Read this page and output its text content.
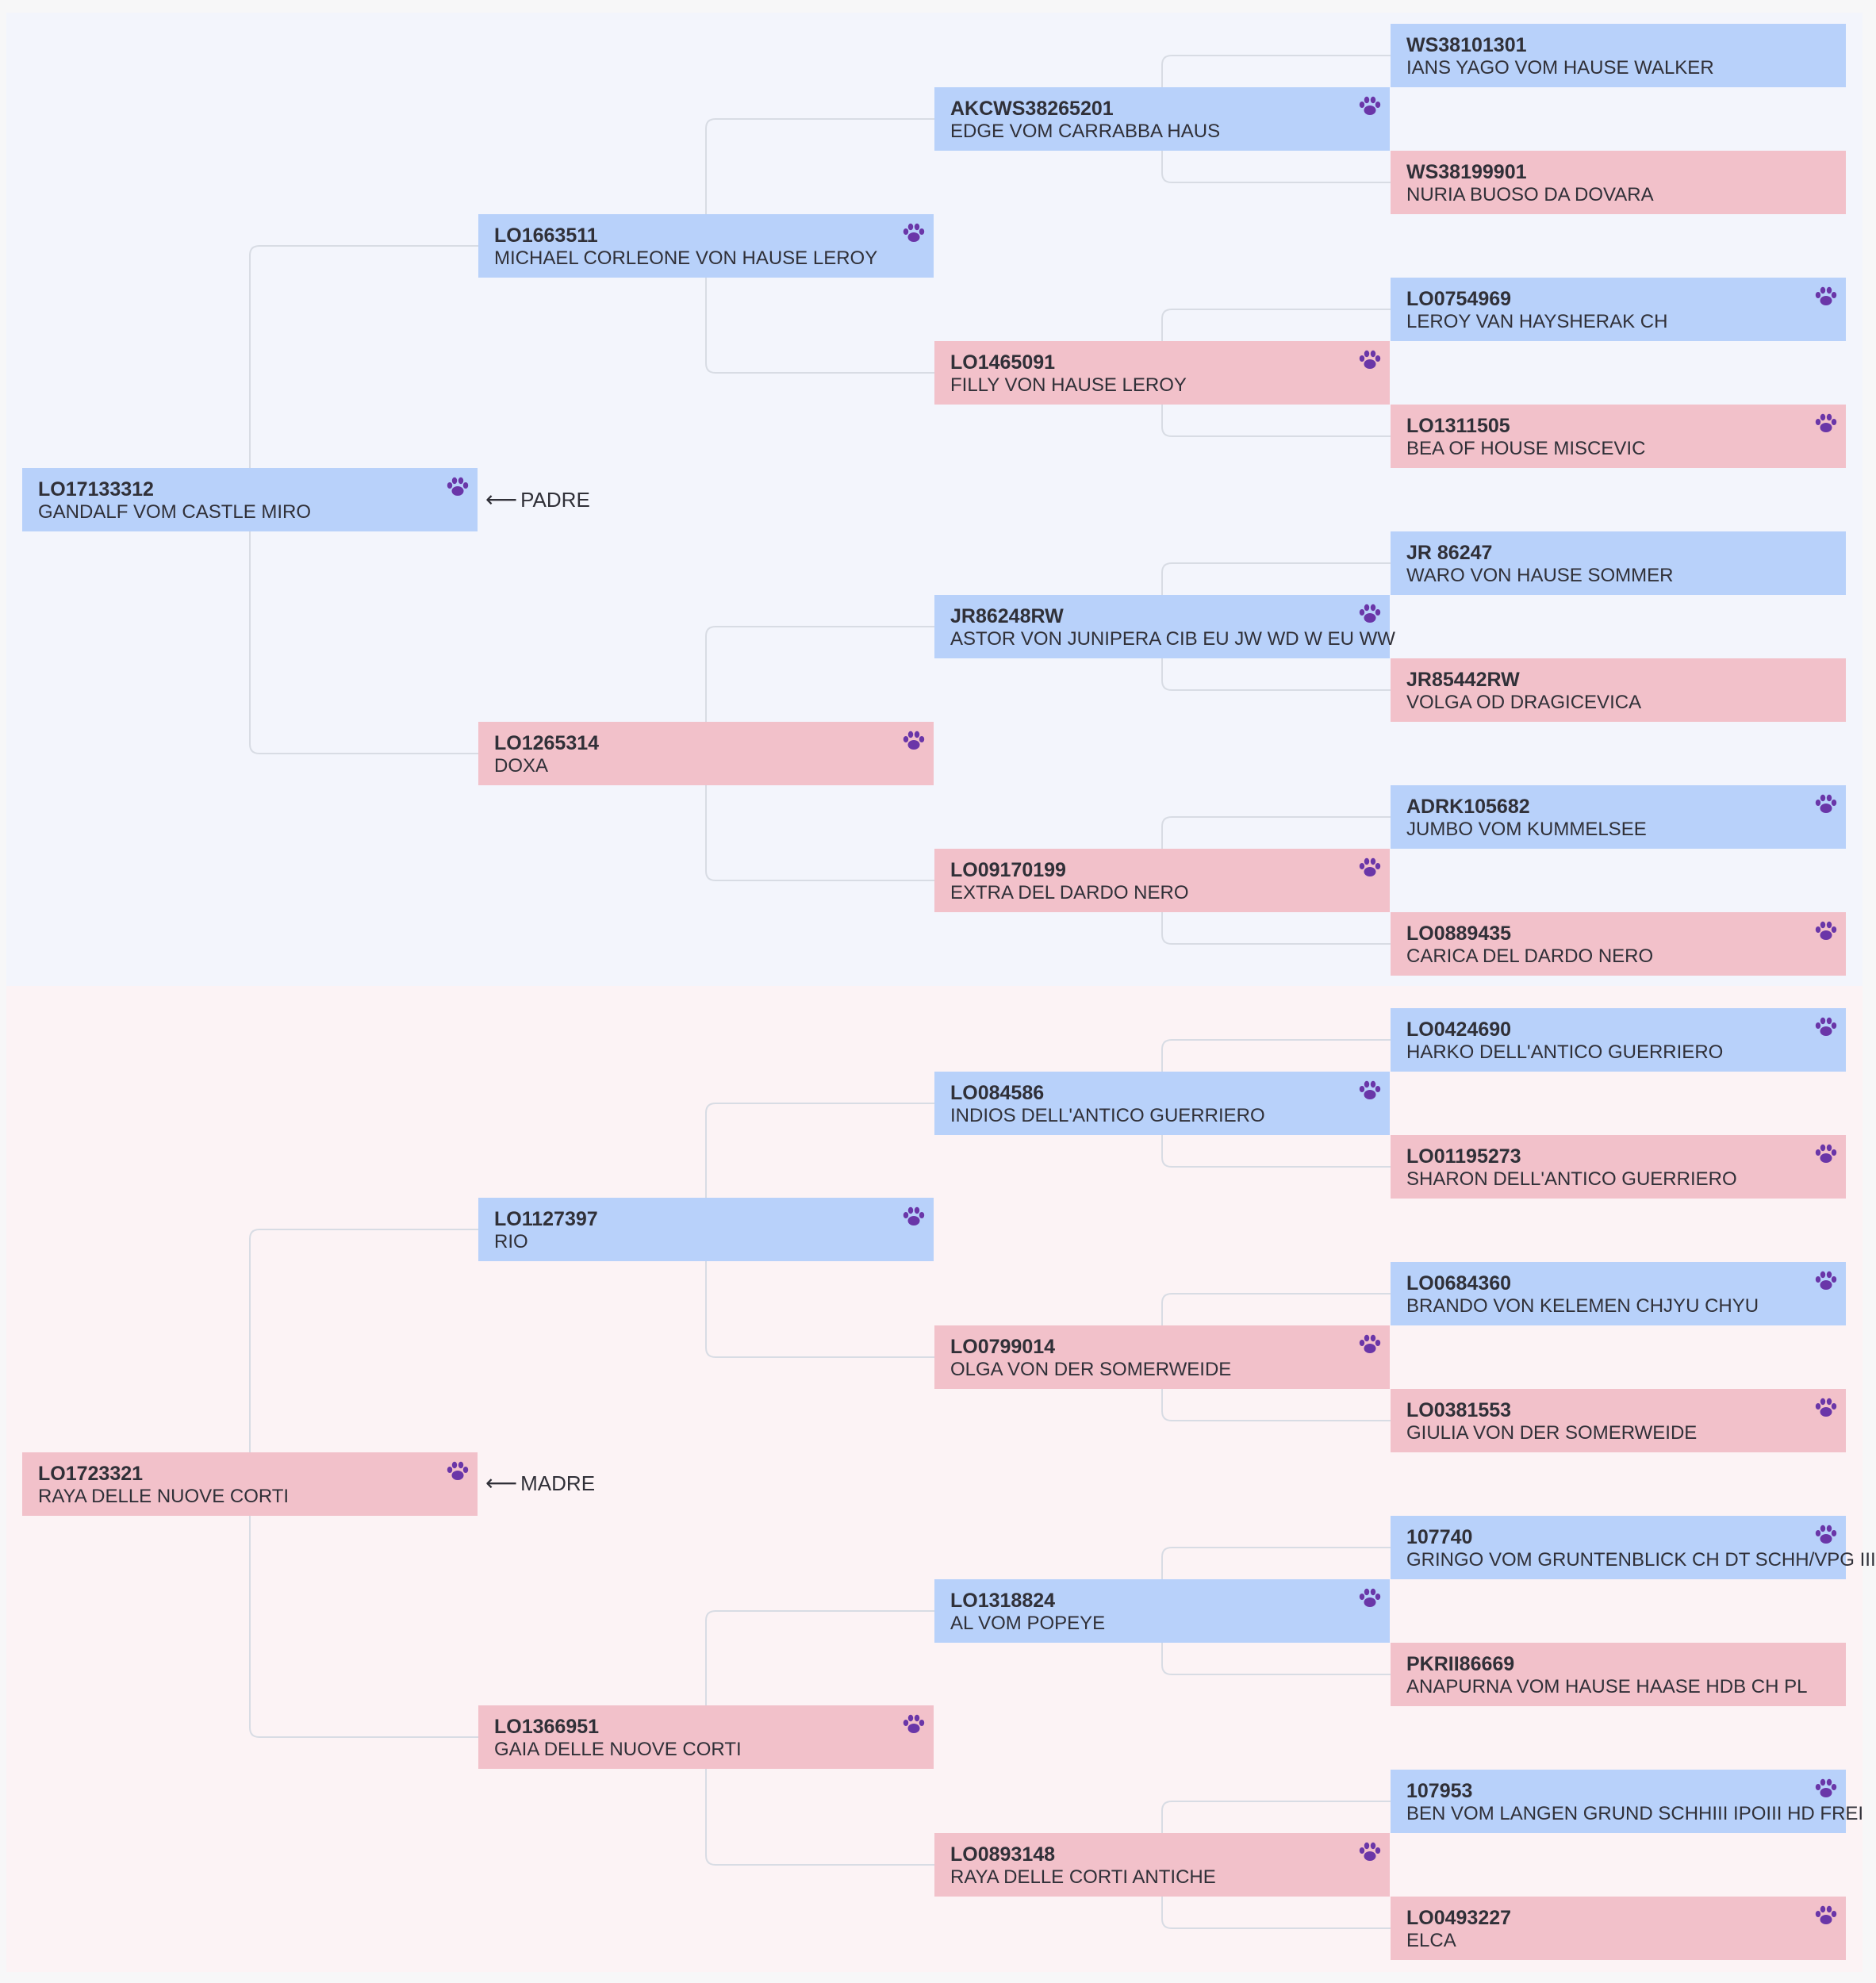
LO17133312
GANDALF VOM CASTLE MIRO
LO1723321
RAYA DELLE NUOVE CORTI
LO1663511
MICHAEL CORLEONE VON HAUSE LEROY
LO1265314
DOXA
LO1127397
RIO
LO1366951
GAIA DELLE NUOVE CORTI
AKCWS38265201
EDGE VOM CARRABBA HAUS
LO1465091
FILLY VON HAUSE LEROY
JR86248RW
ASTOR VON JUNIPERA CIB EU JW WD W EU WW
LO09170199
EXTRA DEL DARDO NERO
LO084586
INDIOS DELL'ANTICO GUERRIERO
LO0799014
OLGA VON DER SOMERWEIDE
LO1318824
AL VOM POPEYE
LO0893148
RAYA DELLE CORTI ANTICHE
WS38101301
IANS YAGO VOM HAUSE WALKER
WS38199901
NURIA BUOSO DA DOVARA
LO0754969
LEROY VAN HAYSHERAK CH
LO1311505
BEA OF HOUSE MISCEVIC
JR 86247
WARO VON HAUSE SOMMER
JR85442RW
VOLGA OD DRAGICEVICA
ADRK105682
JUMBO VOM KUMMELSEE
LO0889435
CARICA DEL DARDO NERO
LO0424690
HARKO DELL'ANTICO GUERRIERO
LO01195273
SHARON DELL'ANTICO GUERRIERO
LO0684360
BRANDO VON KELEMEN CHJYU CHYU
LO0381553
GIULIA VON DER SOMERWEIDE
107740
GRINGO VOM GRUNTENBLICK CH DT SCHH/VPG III
PKRII86669
ANAPURNA VOM HAUSE HAASE HDB CH PL
107953
BEN VOM LANGEN GRUND SCHHIII IPOIII HD FREI
LO0493227
ELCA
⟵ PADRE
⟵ MADRE
